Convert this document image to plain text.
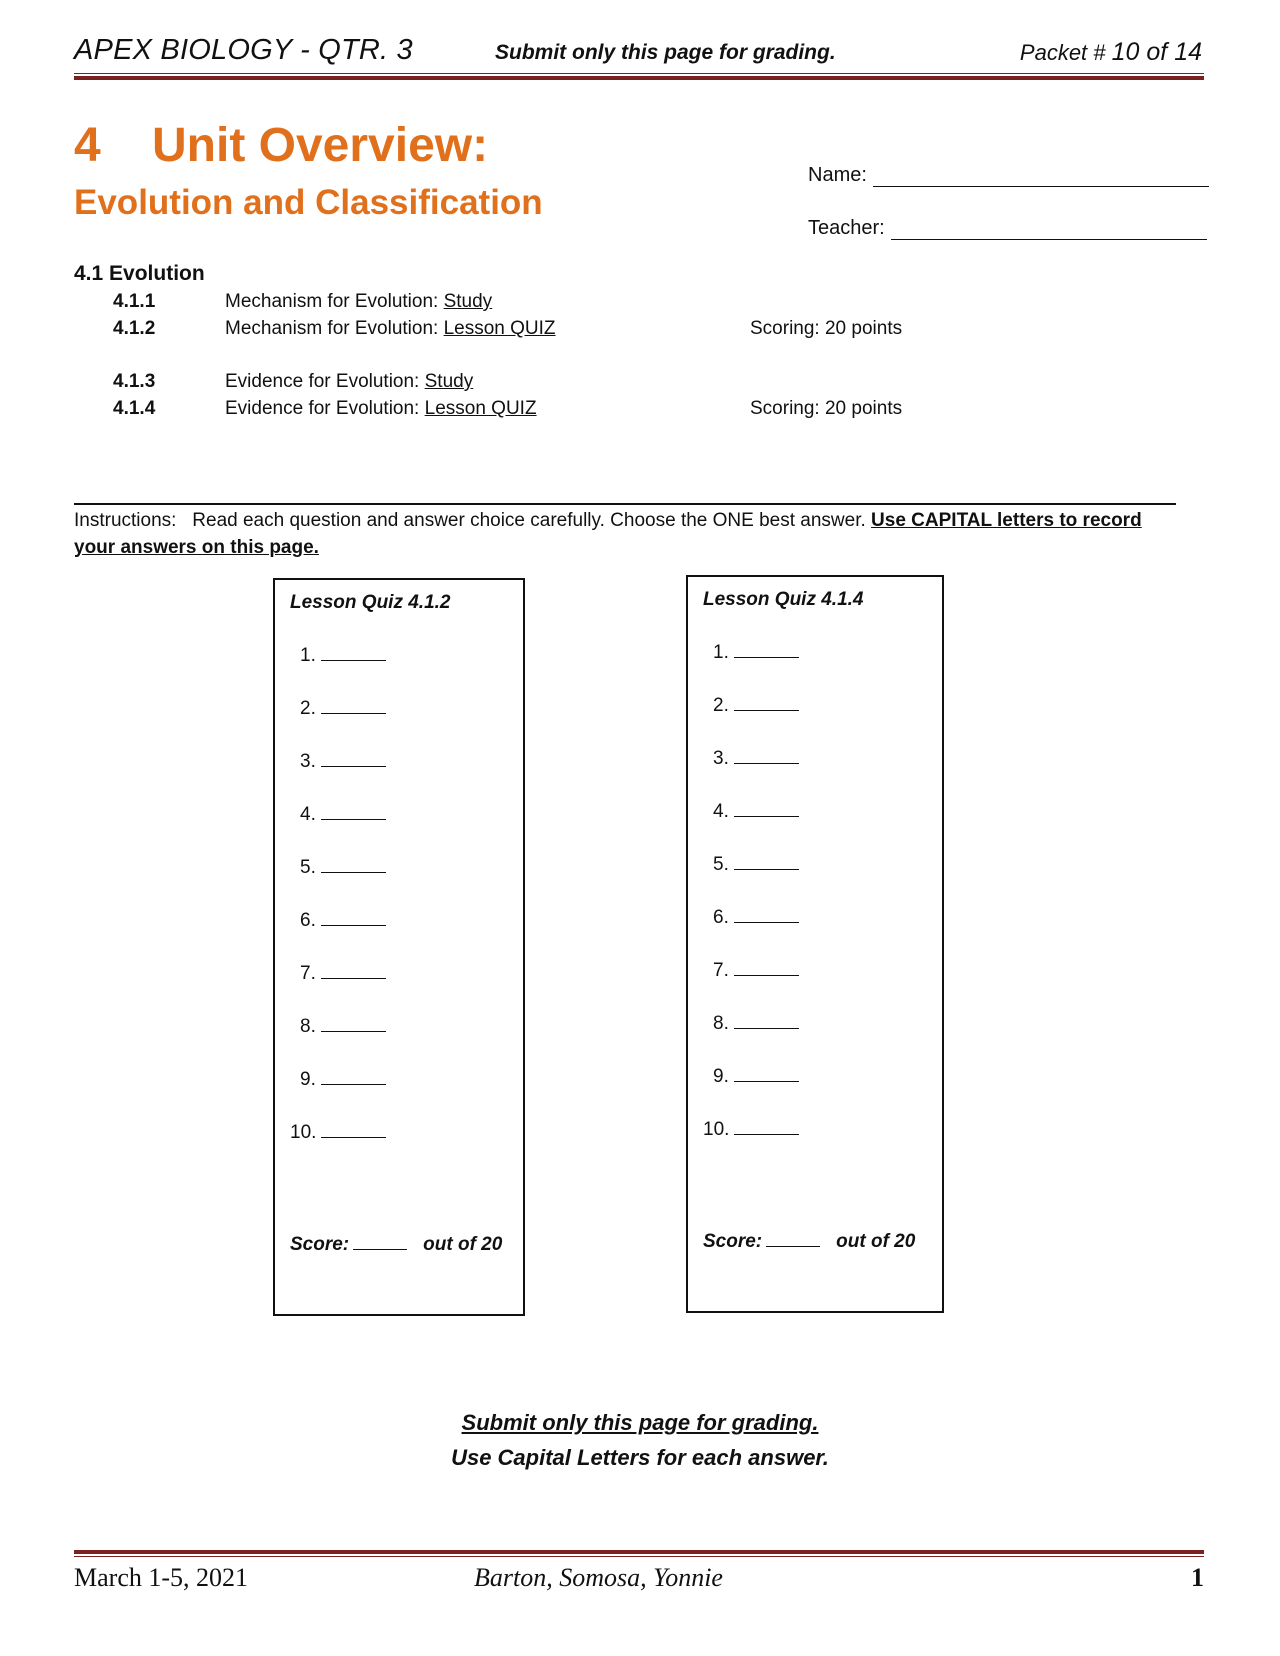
APEX BIOLOGY - QTR. 3	Submit only this page for grading.	Packet # 10 of 14
4 Unit Overview:
Evolution and Classification
Name:
Teacher:
4.1 Evolution
4.1.1	Mechanism for Evolution: Study
4.1.2	Mechanism for Evolution: Lesson QUIZ	Scoring: 20 points
4.1.3	Evidence for Evolution: Study
4.1.4	Evidence for Evolution: Lesson QUIZ	Scoring: 20 points
Instructions: Read each question and answer choice carefully. Choose the ONE best answer. Use CAPITAL letters to record your answers on this page.
Lesson Quiz 4.1.2
1.
2.
3.
4.
5.
6.
7.
8.
9.
10.
Score:	out of 20
Lesson Quiz 4.1.4
1.
2.
3.
4.
5.
6.
7.
8.
9.
10.
Score:	out of 20
Submit only this page for grading.
Use Capital Letters for each answer.
March 1-5, 2021	Barton, Somosa, Yonnie	1
